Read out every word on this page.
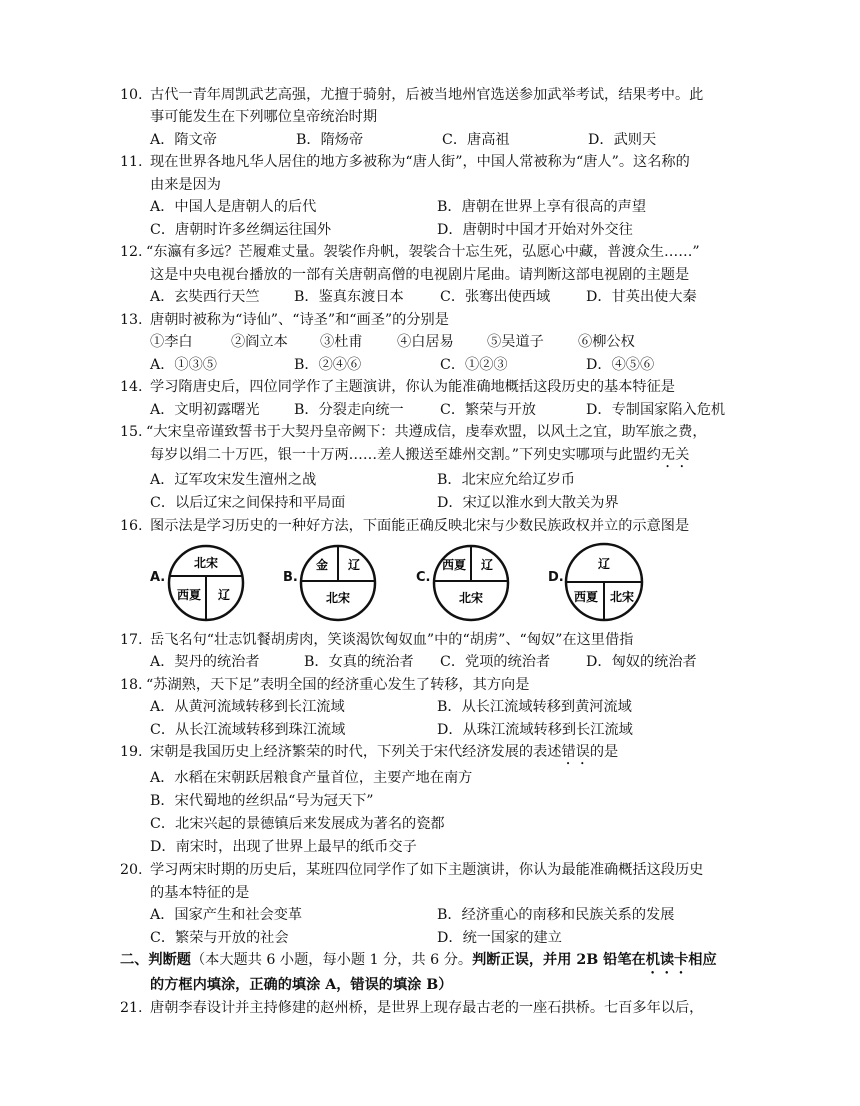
10. 古代一青年周凯武艺高强，尤擅于骑射，后被当地州官选送参加武举考试，结果考中。此
事可能发生在下列哪位皇帝统治时期
A．隋文帝	B．隋炀帝	C．唐高祖	D．武则天
11. 现在世界各地凡华人居住的地方多被称为“唐人街”，中国人常被称为“唐人”。这名称的
由来是因为
A．中国人是唐朝人的后代	B．唐朝在世界上享有很高的声望
C．唐朝时许多丝绸运往国外	D．唐朝时中国才开始对外交往
12. “东瀛有多远？芒履难丈量。袈裟作舟帆，袈裟合十忘生死，弘愿心中藏，普渡众生……”
这是中央电视台播放的一部有关唐朝高僧的电视剧片尾曲。请判断这部电视剧的主题是
A．玄奘西行天竺 B．鉴真东渡日本	C．张骞出使西域	D．甘英出使大秦
13. 唐朝时被称为“诗仙”、“诗圣”和“画圣”的分别是
①李白	②阎立本 ③杜甫 ④白居易 ⑤吴道子 ⑥柳公权
A．①③⑤	B．②④⑥	C．①②③	D．④⑤⑥
14. 学习隋唐史后，四位同学作了主题演讲，你认为能准确地概括这段历史的基本特征是
A．文明初露曙光 B．分裂走向统一	C．繁荣与开放	D．专制国家陷入危机
15. “大宋皇帝谨致誓书于大契丹皇帝阙下：共遵成信，虔奉欢盟，以风土之宜，助军旅之费，
每岁以绢二十万匹，银一十万两……差人搬送至雄州交割。”下列史实哪项与此盟约无关
A．辽军攻宋发生澶州之战	B．北宋应允给辽岁币
C．以后辽宋之间保持和平局面	D．宋辽以淮水到大散关为界
16. 图示法是学习历史的一种好方法，下面能正确反映北宋与少数民族政权并立的示意图是
A.
北宋
西夏 辽
B.
金 辽
北宋
C.
西夏 辽
北宋
D.
辽
西夏 北宋
17. 岳飞名句“壮志饥餐胡虏肉，笑谈渴饮匈奴血”中的“胡虏”、“匈奴”在这里借指
A．契丹的统治者	B．女真的统治者 C．党项的统治者	D．匈奴的统治者
18. “苏湖熟，天下足”表明全国的经济重心发生了转移，其方向是
A．从黄河流域转移到长江流域	B．从长江流域转移到黄河流域
C．从长江流域转移到珠江流域	D．从珠江流域转移到长江流域
19. 宋朝是我国历史上经济繁荣的时代，下列关于宋代经济发展的表述错误的是
A．水稻在宋朝跃居粮食产量首位，主要产地在南方
B．宋代蜀地的丝织品“号为冠天下”
C．北宋兴起的景德镇后来发展成为著名的瓷都
D．南宋时，出现了世界上最早的纸币交子
20. 学习两宋时期的历史后，某班四位同学作了如下主题演讲，你认为最能准确概括这段历史
的基本特征的是
A．国家产生和社会变革	B．经济重心的南移和民族关系的发展
C．繁荣与开放的社会	D．统一国家的建立
二、判断题（本大题共 6 小题，每小题 1 分，共 6 分。判断正误，并用 2B 铅笔在机读卡相应
的方框内填涂，正确的填涂 A，错误的填涂 B）
21. 唐朝李春设计并主持修建的赵州桥，是世界上现存最古老的一座石拱桥。七百多年以后，
